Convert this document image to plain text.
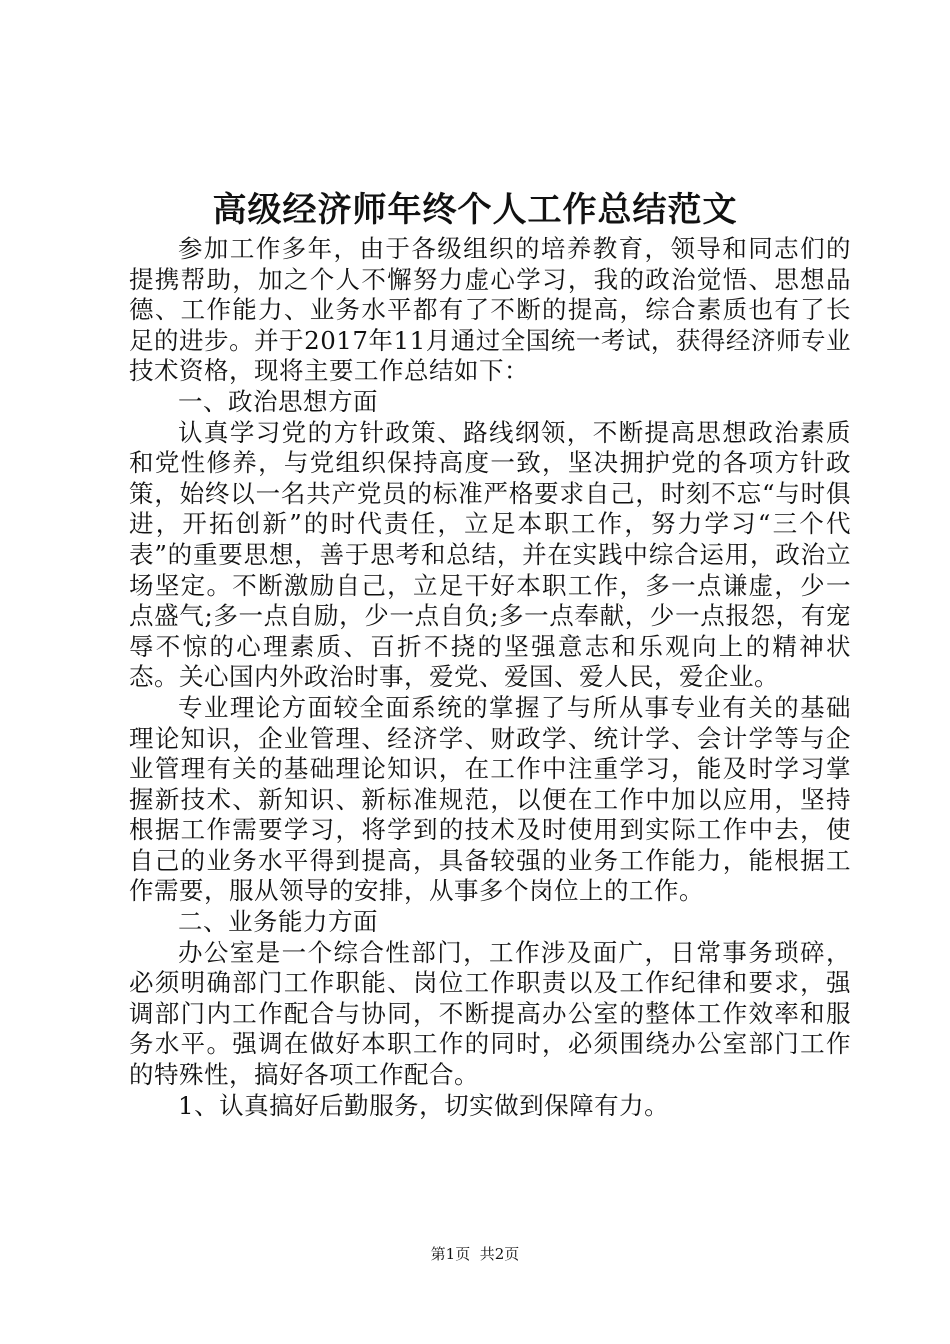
高级经济师年终个人工作总结范文

参加工作多年，由于各级组织的培养教育，领导和同志们的提携帮助，加之个人不懈努力虚心学习，我的政治觉悟、思想品德、工作能力、业务水平都有了不断的提高，综合素质也有了长足的进步。并于2017年11月通过全国统一考试，获得经济师专业技术资格，现将主要工作总结如下：

一、政治思想方面

认真学习党的方针政策、路线纲领，不断提高思想政治素质和党性修养，与党组织保持高度一致，坚决拥护党的各项方针政策，始终以一名共产党员的标准严格要求自己，时刻不忘“与时俱进，开拓创新”的时代责任，立足本职工作，努力学习“三个代表”的重要思想，善于思考和总结，并在实践中综合运用，政治立场坚定。不断激励自己，立足干好本职工作，多一点谦虚，少一点盛气;多一点自励，少一点自负;多一点奉献，少一点报怨，有宠辱不惊的心理素质、百折不挠的坚强意志和乐观向上的精神状态。关心国内外政治时事，爱党、爱国、爱人民，爱企业。

专业理论方面较全面系统的掌握了与所从事专业有关的基础理论知识，企业管理、经济学、财政学、统计学、会计学等与企业管理有关的基础理论知识，在工作中注重学习，能及时学习掌握新技术、新知识、新标准规范，以便在工作中加以应用，坚持根据工作需要学习，将学到的技术及时使用到实际工作中去，使自己的业务水平得到提高，具备较强的业务工作能力，能根据工作需要，服从领导的安排，从事多个岗位上的工作。

二、业务能力方面

办公室是一个综合性部门，工作涉及面广，日常事务琐碎，必须明确部门工作职能、岗位工作职责以及工作纪律和要求，强调部门内工作配合与协同，不断提高办公室的整体工作效率和服务水平。强调在做好本职工作的同时，必须围绕办公室部门工作的特殊性，搞好各项工作配合。

1、认真搞好后勤服务，切实做到保障有力。

第1页 共2页
